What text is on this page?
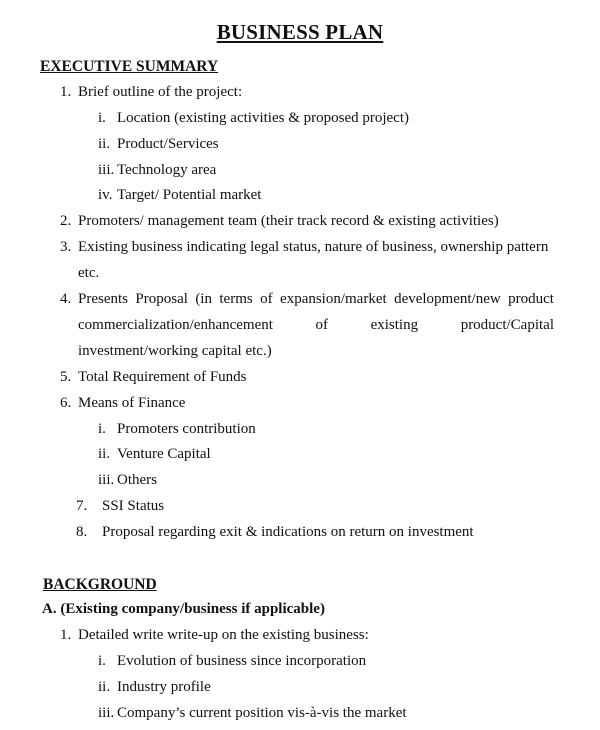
BUSINESS PLAN
EXECUTIVE SUMMARY
1. Brief outline of the project:
i. Location (existing activities & proposed project)
ii. Product/Services
iii. Technology area
iv. Target/ Potential market
2. Promoters/ management team (their track record & existing activities)
3. Existing business indicating legal status, nature of business, ownership pattern
etc.
4. Presents Proposal (in terms of expansion/market development/new product
commercialization/enhancement	of	existing	product/Capital
investment/working capital etc.)
5. Total Requirement of Funds
6. Means of Finance
i. Promoters contribution
ii. Venture Capital
iii. Others
7. SSI Status
8. Proposal regarding exit & indications on return on investment
BACKGROUND
A. (Existing company/business if applicable)
1. Detailed write write-up on the existing business:
i. Evolution of business since incorporation
ii. Industry profile
iii. Company’s current position vis-à-vis the market
